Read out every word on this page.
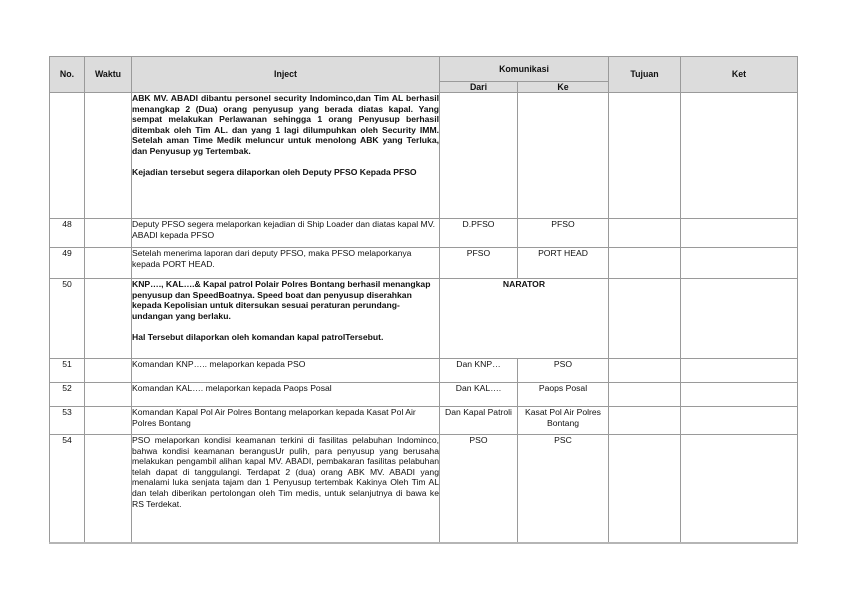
No.	Waktu	Inject	Komunikasi		Tujuan	Ket
			Dari	Ke		

		ABK MV. ABADI dibantu personel security Indominco,dan Tim AL berhasil menangkap 2 (Dua) orang penyusup yang berada diatas kapal. Yang sempat melakukan Perlawanan sehingga 1 orang Penyusup berhasil ditembak oleh Tim AL. dan yang 1 lagi dilumpuhkan oleh Security IMM. Setelah aman Time Medik meluncur untuk menolong ABK yang Terluka, dan Penyusup yg Tertembak.
Kejadian tersebut segera dilaporkan oleh Deputy PFSO Kepada PFSO				

48		Deputy PFSO segera melaporkan kejadian di Ship Loader dan diatas kapal MV. ABADI kepada PFSO	D.PFSO	PFSO		
49		Setelah menerima laporan dari deputy PFSO, maka PFSO melaporkanya kepada PORT HEAD.	PFSO	PORT HEAD		
50		KNP…., KAL….& Kapal patrol Polair Polres Bontang berhasil menangkap penyusup dan SpeedBoatnya. Speed boat dan penyusup diserahkan kepada Kepolisian untuk ditersukan sesuai peraturan perundang-undangan yang berlaku.
Hal Tersebut dilaporkan oleh komandan kapal patrolTersebut.	NARATOR			
51		Komandan KNP….. melaporkan kepada PSO	Dan KNP…	PSO		
52		Komandan KAL…. melaporkan kepada Paops Posal	Dan KAL….	Paops Posal		
53		Komandan Kapal Pol Air Polres Bontang melaporkan kepada Kasat Pol Air Polres Bontang	Dan Kapal Patroli	Kasat Pol Air Polres Bontang		
54		PSO melaporkan kondisi keamanan terkini di fasilitas pelabuhan Indominco, bahwa kondisi keamanan berangusUr pulih, para penyusup yang berusaha melakukan pengambil alihan kapal MV. ABADI, pembakaran fasilitas pelabuhan telah dapat di tanggulangi. Terdapat 2 (dua) orang ABK MV. ABADI yang menalami luka senjata tajam dan 1 Penyusup tertembak Kakinya Oleh Tim AL dan telah diberikan pertolongan oleh Tim medis, untuk selanjutnya di bawa ke RS Terdekat.	PSO	PSC		
